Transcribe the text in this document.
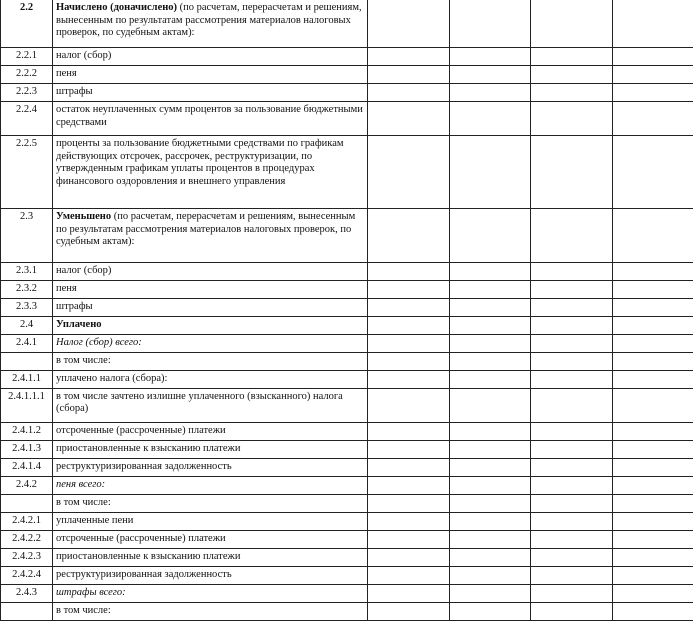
2.2	Начислено (доначислено) (по расчетам, перерасчетам и решениям, вынесенным по результатам рассмотрения материалов налоговых проверок, по судебным актам):				
2.2.1	налог (сбор)				
2.2.2	пеня				
2.2.3	штрафы				
2.2.4	остаток неуплаченных сумм процентов за пользование бюджетными средствами				
2.2.5	проценты за пользование бюджетными средствами по графикам действующих отсрочек, рассрочек, реструктуризации, по утвержденным графикам уплаты процентов в процедурах финансового оздоровления и внешнего управления				
2.3	Уменьшено (по расчетам, перерасчетам и решениям, вынесенным по результатам рассмотрения материалов налоговых проверок, по судебным актам):				
2.3.1	налог (сбор)				
2.3.2	пеня				
2.3.3	штрафы				
2.4	Уплачено				
2.4.1	Налог (сбор) всего:				
	в том числе:				
2.4.1.1	уплачено налога (сбора):				
2.4.1.1.1	в том числе зачтено излишне уплаченного (взысканного) налога (сбора)				
2.4.1.2	отсроченные (рассроченные) платежи				
2.4.1.3	приостановленные к взысканию платежи				
2.4.1.4	реструктуризированная задолженность				
2.4.2	пеня всего:				
	в том числе:				
2.4.2.1	уплаченные пени				
2.4.2.2	отсроченные (рассроченные) платежи				
2.4.2.3	приостановленные к взысканию платежи				
2.4.2.4	реструктуризированная задолженность				
2.4.3	штрафы всего:				
	в том числе:				
